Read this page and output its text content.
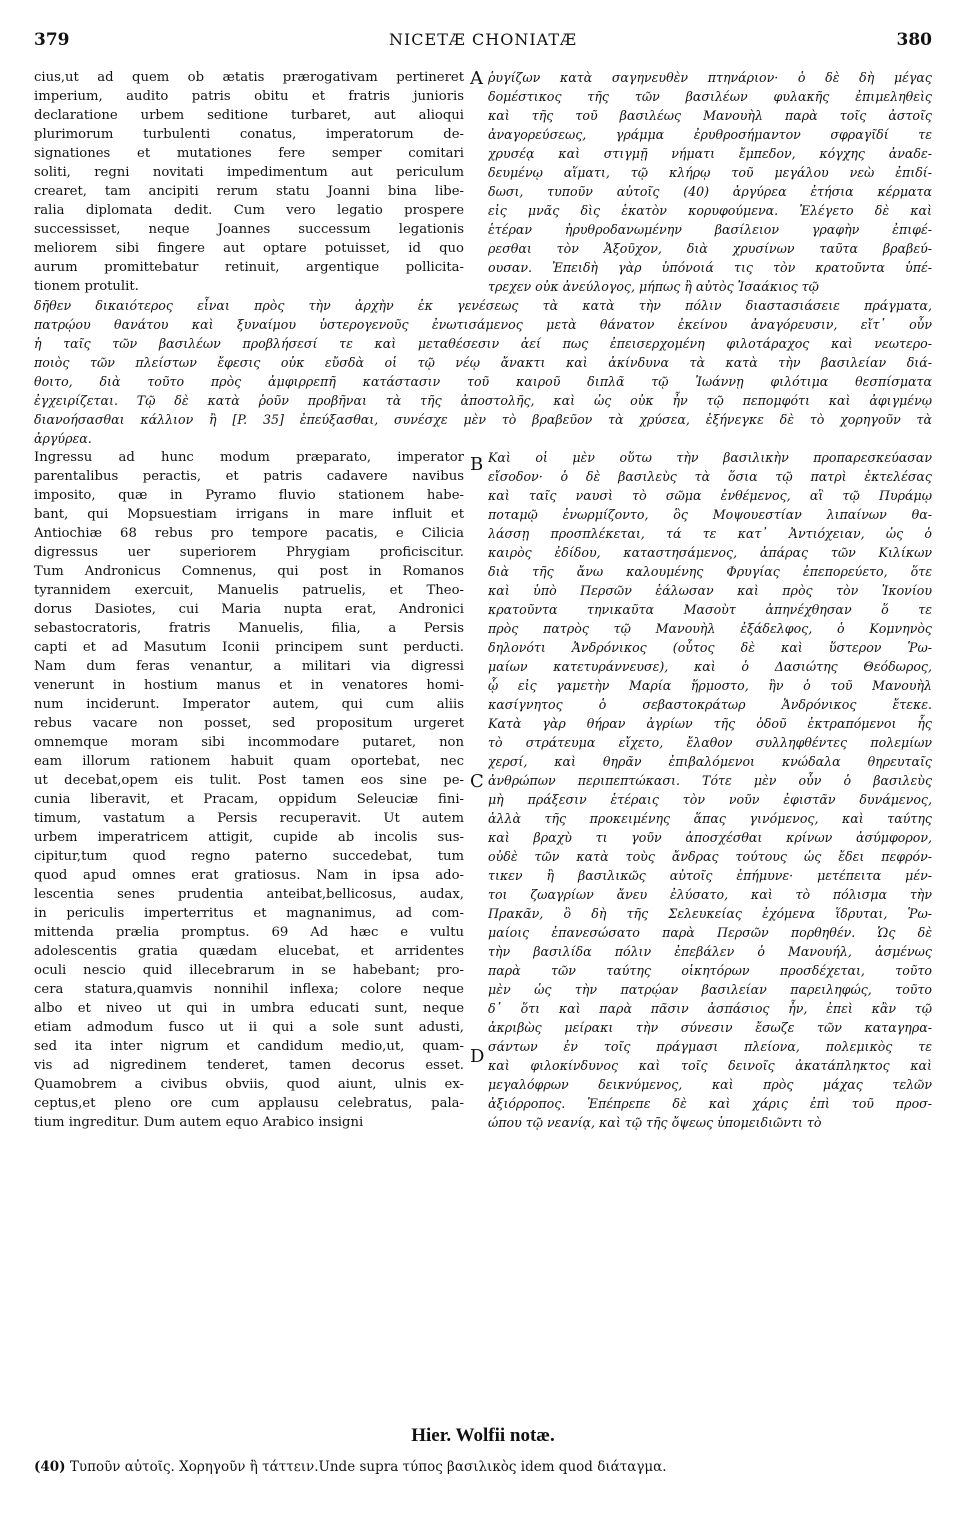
379	NICETÆ CHONIATÆ	380
cius,ut ad quem ob ætatis prærogativam pertineret
imperium, audito patris obitu et fratris junioris
declaratione urbem seditione turbaret, aut alioqui
plurimorum turbulenti conatus, imperatorum de-
signationes et mutationes fere semper comitari
soliti, regni novitati impedimentum aut periculum
crearet, tam ancipiti rerum statu Joanni bina libe-
ralia diplomata dedit. Cum vero legatio prospere
successisset, neque Joannes successum legationis
meliorem sibi fingere aut optare potuisset, id quo
aurum promittebatur retinuit, argentique pollicita-
tionem protulit.
A ῥυγίζων κατὰ σαγηνευθὲν πτηνάριον· ὁ δὲ δὴ μέγας
δομέστικος τῆς τῶν βασιλέων φυλακῆς ἐπιμεληθεὶς
καὶ τῆς τοῦ βασιλέως Μανουὴλ παρὰ τοῖς ἀστοῖς
ἀναγορεύσεως, γράμμα ἐρυθροσήμαντον σφραγῖδί τε
χρυσέᾳ καὶ στιγμῇ νήματι ἔμπεδον, κόγχης ἀναδε-
δευμένῳ αἵματι, τῷ κλήρῳ τοῦ μεγάλου νεὼ ἐπιδί-
δωσι, τυποῦν αὐτοῖς (40) ἀργύρεα ἐτήσια κέρματα
εἰς μνᾶς δὶς ἑκατὸν κορυφούμενα. Ἐλέγετο δὲ καὶ
ἑτέραν ἠρυθροδανωμένην βασίλειον γραφὴν ἐπιφέ-
ρεσθαι τὸν Ἀξοῦχον, διὰ χρυσίνων ταῦτα βραβεύ-
ουσαν. Ἐπειδὴ γὰρ ὑπόνοιά τις τὸν κρατοῦντα ὑπέ-
τρεχεν οὐκ ἀνεύλογος, μήπως ἢ αὐτὸς Ἰσαάκιος τῷ
δῆθεν δικαιότερος εἶναι πρὸς τὴν ἀρχὴν ἐκ γενέσεως τὰ κατὰ τὴν πόλιν διαστασιάσειε πράγματα,
πατρῴου θανάτου καὶ ξυναίμου ὑστερογενοῦς ἐνωτισάμενος μετὰ θάνατον ἐκείνου ἀναγόρευσιν, εἴτ᾽ οὖν
ἡ ταῖς τῶν βασιλέων προβλήσεσί τε καὶ μεταθέσεσιν ἀεί πως ἐπεισερχομένη φιλοτάραχος καὶ νεωτερο-
ποιὸς τῶν πλείστων ἔφεσις οὐκ εὔσδὰ οἱ τῷ νέῳ ἄνακτι καὶ ἀκίνδυνα τὰ κατὰ τὴν βασιλείαν διά-
θοιτο, διὰ τοῦτο πρὸς ἀμφιρρεπῆ κατάστασιν τοῦ καιροῦ διπλᾶ τῷ Ἰωάννῃ φιλότιμα θεσπίσματα
ἐγχειρίζεται. Τῷ δὲ κατὰ ῥοῦν προβῆναι τὰ τῆς ἀποστολῆς, καὶ ὡς οὐκ ἦν τῷ πεπομφότι καὶ ἀφιγμένῳ
διανοήσασθαι κάλλιον ἢ [P. 35] ἐπεύξασθαι, συνέσχε μὲν τὸ βραβεῦον τὰ χρύσεα, ἐξήνεγκε δὲ τὸ χορηγοῦν τὰ
ἀργύρεα.
Ingressu ad hunc modum præparato, imperator
parentalibus peractis, et patris cadavere navibus
imposito, quæ in Pyramo fluvio stationem habe-
bant, qui Mopsuestiam irrigans in mare influit et
Antiochiæ 68 rebus pro tempore pacatis, e Cilicia
digressus uer superiorem Phrygiam proficiscitur.
Tum Andronicus Comnenus, qui post in Romanos
tyrannidem exercuit, Manuelis patruelis, et Theo-
dorus Dasiotes, cui Maria nupta erat, Andronici
sebastocratoris, fratris Manuelis, filia, a Persis
capti et ad Masutum Iconii principem sunt perducti.
Nam dum feras venantur, a militari via digressi
venerunt in hostium manus et in venatores homi-
num inciderunt. Imperator autem, qui cum aliis
rebus vacare non posset, sed propositum urgeret
omnemque moram sibi incommodare putaret, non
eam illorum rationem habuit quam oportebat, nec
ut decebat,opem eis tulit. Post tamen eos sine pe-
cunia liberavit, et Pracam, oppidum Seleuciæ fini-
timum, vastatum a Persis recuperavit. Ut autem
urbem imperatricem attigit, cupide ab incolis sus-
cipitur,tum quod regno paterno succedebat, tum
quod apud omnes erat gratiosus. Nam in ipsa ado-
lescentia senes prudentia anteibat,bellicosus, audax,
in periculis imperterritus et magnanimus, ad com-
mittenda prælia promptus. 69 Ad hæc e vultu
adolescentis gratia quædam elucebat, et arridentes
oculi nescio quid illecebrarum in se habebant; pro-
cera statura,quamvis nonnihil inflexa; colore neque
albo et niveo ut qui in umbra educati sunt, neque
etiam admodum fusco ut ii qui a sole sunt adusti,
sed ita inter nigrum et candidum medio,ut, quam-
vis ad nigredinem tenderet, tamen decorus esset.
Quamobrem a civibus obviis, quod aiunt, ulnis ex-
ceptus,et pleno ore cum applausu celebratus, pala-
tium ingreditur. Dum autem equo Arabico insigni
B
C
D
Καὶ οἱ μὲν οὕτω τὴν βασιλικὴν προπαρεσκεύασαν
εἴσοδον· ὁ δὲ βασιλεὺς τὰ ὅσια τῷ πατρὶ ἐκτελέσας
καὶ ταῖς ναυσὶ τὸ σῶμα ἐνθέμενος, αἳ τῷ Πυράμῳ
ποταμῷ ἐνωρμίζοντο, ὃς Μοψουεστίαν λιπαίνων θα-
λάσσῃ προσπλέκεται, τά τε κατ᾽ Ἀντιόχειαν, ὡς ὁ
καιρὸς ἐδίδου, καταστησάμενος, ἀπάρας τῶν Κιλίκων
διὰ τῆς ἄνω καλουμένης Φρυγίας ἐπεπορεύετο, ὅτε
καὶ ὑπὸ Περσῶν ἑάλωσαν καὶ πρὸς τὸν Ἰκονίου
κρατοῦντα τηνικαῦτα Μασοὺτ ἀπηνέχθησαν ὅ τε
πρὸς πατρὸς τῷ Μανουὴλ ἐξάδελφος, ὁ Κομνηνὸς
δηλονότι Ἀνδρόνικος (οὗτος δὲ καὶ ὕστερον Ῥω-
μαίων κατετυράννευσε), καὶ ὁ Δασιώτης Θεόδωρος,
ᾧ εἰς γαμετὴν Μαρία ἥρμοστο, ἣν ὁ τοῦ Μανουὴλ
κασίγνητος ὁ σεβαστοκράτωρ Ἀνδρόνικος ἔτεκε.
Κατὰ γὰρ θήραν ἀγρίων τῆς ὁδοῦ ἐκτραπόμενοι ἧς
τὸ στράτευμα εἴχετο, ἔλαθον συλληφθέντες πολεμίων
χερσί, καὶ θηρᾶν ἐπιβαλόμενοι κνώδαλα θηρευταῖς
ἀνθρώπων περιπεπτώκασι. Τότε μὲν οὖν ὁ βασιλεὺς
μὴ πράξεσιν ἑτέραις τὸν νοῦν ἐφιστᾶν δυνάμενος,
ἀλλὰ τῆς προκειμένης ἅπας γινόμενος, καὶ ταύτης
καὶ βραχὺ τι γοῦν ἀποσχέσθαι κρίνων ἀσύμφορον,
οὐδὲ τῶν κατὰ τοὺς ἄνδρας τούτους ὡς ἔδει πεφρόν-
τικεν ἢ βασιλικῶς αὐτοῖς ἐπήμυνε· μετέπειτα μέν-
τοι ζωαγρίων ἄνευ ἐλύσατο, καὶ τὸ πόλισμα τὴν
Πρακᾶν, ὃ δὴ τῆς Σελευκείας ἐχόμενα ἵδρυται, Ῥω-
μαίοις ἐπανεσώσατο παρὰ Περσῶν πορθηθέν. Ὡς δὲ
τὴν βασιλίδα πόλιν ἐπεβάλεν ὁ Μανουήλ, ἀσμένως
παρὰ τῶν ταύτης οἰκητόρων προσδέχεται, τοῦτο
μὲν ὡς τὴν πατρῴαν βασιλείαν παρειληφώς, τοῦτο
δ᾽ ὅτι καὶ παρὰ πᾶσιν ἀσπάσιος ἦν, ἐπεὶ κἂν τῷ
ἀκριβὼς μείρακι τὴν σύνεσιν ἔσωζε τῶν καταγηρα-
σάντων ἐν τοῖς πράγμασι πλείονα, πολεμικὸς τε
καὶ φιλοκίνδυνος καὶ τοῖς δεινοῖς ἀκατάπληκτος καὶ
μεγαλόφρων δεικνύμενος, καὶ πρὸς μάχας τελῶν
ἀξιόρροπος. Ἐπέπρεπε δὲ καὶ χάρις ἐπὶ τοῦ προσ-
ώπου τῷ νεανίᾳ, καὶ τῷ τῆς ὄψεως ὑπομειδιῶντι τὸ
Hier. Wolfii notæ.
(40) Τυποῦν αὐτοῖς. Χορηγοῦν ἢ τάττειν.Unde supra τύπος βασιλικὸς idem quod διάταγμα.
